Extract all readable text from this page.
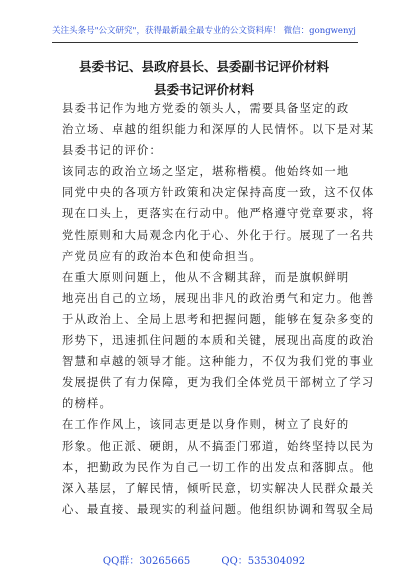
关注头条号"公文研究"，获得最新最全最专业的公文资料库！ 微信：gongwenyj
县委书记、县政府县长、县委副书记评价材料
县委书记评价材料
县委书记作为地方党委的领头人，需要具备坚定的政
治立场、卓越的组织能力和深厚的人民情怀。以下是对某
县委书记的评价：
该同志的政治立场之坚定，堪称楷模。他始终如一地
同党中央的各项方针政策和决定保持高度一致，这不仅体
现在口头上，更落实在行动中。他严格遵守党章要求，将
党性原则和大局观念内化于心、外化于行。展现了一名共
产党员应有的政治本色和使命担当。
在重大原则问题上，他从不含糊其辞，而是旗帜鲜明
地亮出自己的立场，展现出非凡的政治勇气和定力。他善
于从政治上、全局上思考和把握问题，能够在复杂多变的
形势下，迅速抓住问题的本质和关键，展现出高度的政治
智慧和卓越的领导才能。这种能力，不仅为我们党的事业
发展提供了有力保障，更为我们全体党员干部树立了学习
的榜样。
在工作作风上，该同志更是以身作则，树立了良好的
形象。他正派、硬朗，从不搞歪门邪道，始终坚持以民为
本，把勤政为民作为自己一切工作的出发点和落脚点。他
深入基层，了解民情，倾听民意，切实解决人民群众最关
心、最直接、最现实的利益问题。他组织协调和驾驭全局
QQ群：30265665	QQ：535304092
